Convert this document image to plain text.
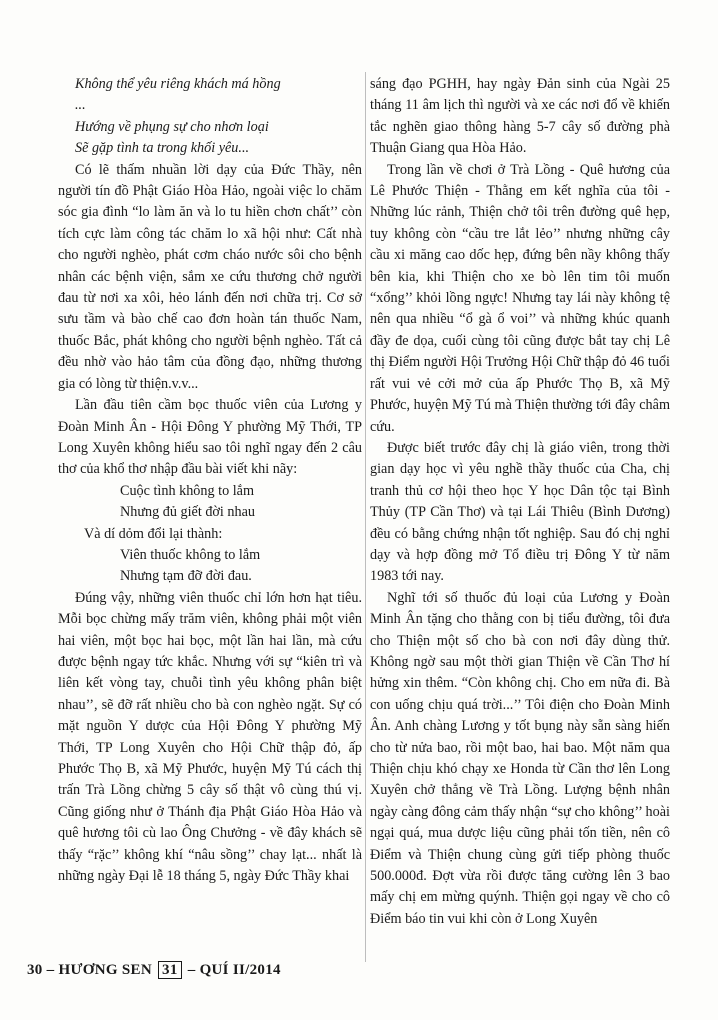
Không thể yêu riêng khách má hồng

...

Hướng về phụng sự cho nhơn loại

Sẽ gặp tình ta trong khối yêu...

Có lẽ thấm nhuần lời dạy của Đức Thầy, nên người tín đồ Phật Giáo Hòa Hảo, ngoài việc lo chăm sóc gia đình “lo làm ăn và lo tu hiền chơn chất’’ còn tích cực làm công tác chăm lo xã hội như: Cất nhà cho người nghèo, phát cơm cháo nước sôi cho bệnh nhân các bệnh viện, sắm xe cứu thương chở người đau từ nơi xa xôi, hẻo lánh đến nơi chữa trị. Cơ sở sưu tầm và bào chế cao đơn hoàn tán thuốc Nam, thuốc Bắc, phát không cho người bệnh nghèo. Tất cả đều nhờ vào hảo tâm của đồng đạo, những thương gia có lòng từ thiện.v.v...

Lần đầu tiên cầm bọc thuốc viên của Lương y Đoàn Minh Ân - Hội Đông Y phường Mỹ Thới, TP Long Xuyên không hiểu sao tôi nghĩ ngay đến 2 câu thơ của khổ thơ nhập đầu bài viết khi nãy:

Cuộc tình không to lắm

Nhưng đủ giết đời nhau

Và dí dỏm đổi lại thành:

Viên thuốc không to lắm

Nhưng tạm đỡ đời đau.

Đúng vậy, những viên thuốc chỉ lớn hơn hạt tiêu. Mỗi bọc chừng mấy trăm viên, không phải một viên hai viên, một bọc hai bọc, một lần hai lần, mà cứu được bệnh ngay tức khắc. Nhưng với sự “kiên trì và liên kết vòng tay, chuỗi tình yêu không phân biệt nhau’’, sẽ đỡ rất nhiều cho bà con nghèo ngặt. Sự có mặt nguồn Y dược của Hội Đông Y phường Mỹ Thới, TP Long Xuyên cho Hội Chữ thập đỏ, ấp Phước Thọ B, xã Mỹ Phước, huyện Mỹ Tú cách thị trấn Trà Lồng chừng 5 cây số thật vô cùng thú vị. Cũng giống như ở Thánh địa Phật Giáo Hòa Hảo và quê hương tôi cù lao Ông Chưởng - về đây khách sẽ thấy “rặc’’ không khí “nâu sồng’’ chay lạt... nhất là những ngày Đại lễ 18 tháng 5, ngày Đức Thầy khai

sáng đạo PGHH, hay ngày Đản sinh của Ngài 25 tháng 11 âm lịch thì người và xe các nơi đổ về khiến tắc nghẽn giao thông hàng 5-7 cây số đường phà Thuận Giang qua Hòa Hảo.

Trong lần về chơi ở Trà Lồng - Quê hương của Lê Phước Thiện - Thằng em kết nghĩa của tôi - Những lúc rảnh, Thiện chở tôi trên đường quê hẹp, tuy không còn “cầu tre lắt lẻo’’ nhưng những cây cầu xi măng cao dốc hẹp, đứng bên nầy không thấy bên kia, khi Thiện cho xe bò lên tim tôi muốn “xổng’’ khỏi lồng ngực! Nhưng tay lái này không tệ nên qua nhiều “ổ gà ổ voi’’ và những khúc quanh đầy đe dọa, cuối cùng tôi cũng được bắt tay chị Lê thị Điểm người Hội Trưởng Hội Chữ thập đỏ 46 tuổi rất vui vẻ cởi mở của ấp Phước Thọ B, xã Mỹ Phước, huyện Mỹ Tú mà Thiện thường tới đây châm cứu.

Được biết trước đây chị là giáo viên, trong thời gian dạy học vì yêu nghề thầy thuốc của Cha, chị tranh thủ cơ hội theo học Y học Dân tộc tại Bình Thủy (TP Cần Thơ) và tại Lái Thiêu (Bình Dương) đều có bằng chứng nhận tốt nghiệp. Sau đó chị nghỉ dạy và hợp đồng mở Tổ điều trị Đông Y từ năm 1983 tới nay.

Nghĩ tới số thuốc đủ loại của Lương y Đoàn Minh Ân tặng cho thằng con bị tiểu đường, tôi đưa cho Thiện một số cho bà con nơi đây dùng thử. Không ngờ sau một thời gian Thiện về Cần Thơ hí hửng xin thêm. “Còn không chị. Cho em nữa đi. Bà con uống chịu quá trời...’’ Tôi điện cho Đoàn Minh Ân. Anh chàng Lương y tốt bụng này sẵn sàng hiến cho từ nửa bao, rồi một bao, hai bao. Một năm qua Thiện chịu khó chạy xe Honda từ Cần thơ lên Long Xuyên chở thẳng về Trà Lồng. Lượng bệnh nhân ngày càng đông cảm thấy nhận “sự cho không’’ hoài ngại quá, mua dược liệu cũng phải tốn tiền, nên cô Điểm và Thiện chung cùng gửi tiếp phòng thuốc 500.000đ. Đợt vừa rồi được tăng cường lên 3 bao mấy chị em mừng quýnh. Thiện gọi ngay về cho cô Điểm báo tin vui khi còn ở Long Xuyên

30 – HƯƠNG SEN 31 – QUÍ II/2014
